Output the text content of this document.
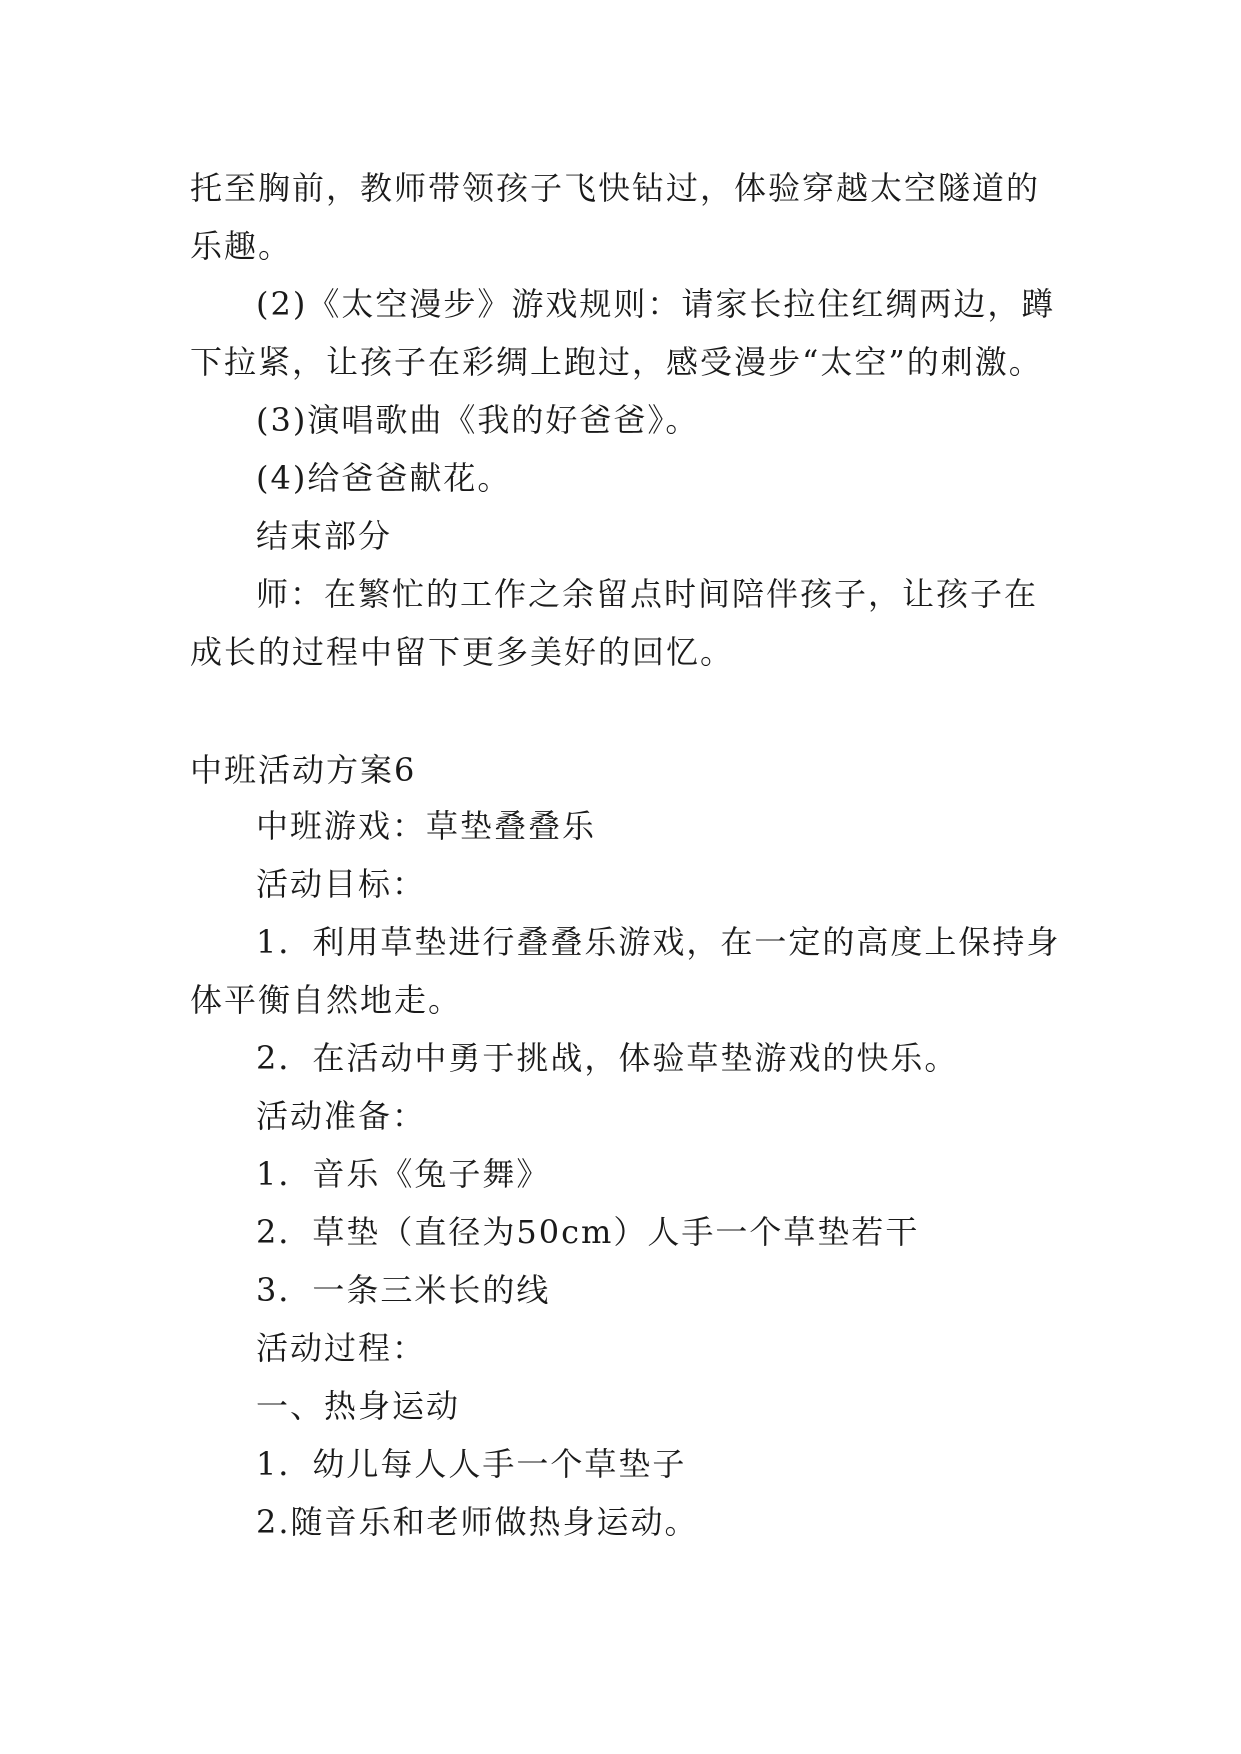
托至胸前，教师带领孩子飞快钻过，体验穿越太空隧道的乐趣。

(2)《太空漫步》游戏规则：请家长拉住红绸两边，蹲下拉紧，让孩子在彩绸上跑过，感受漫步“太空”的刺激。

(3)演唱歌曲《我的好爸爸》。

(4)给爸爸献花。

结束部分

师：在繁忙的工作之余留点时间陪伴孩子，让孩子在成长的过程中留下更多美好的回忆。

中班活动方案6

中班游戏：草垫叠叠乐

活动目标：

1．利用草垫进行叠叠乐游戏，在一定的高度上保持身体平衡自然地走。

2．在活动中勇于挑战，体验草垫游戏的快乐。

活动准备：

1．音乐《兔子舞》

2．草垫（直径为50cm）人手一个草垫若干

3．一条三米长的线

活动过程：

一、热身运动

1．幼儿每人人手一个草垫子

2.随音乐和老师做热身运动。
